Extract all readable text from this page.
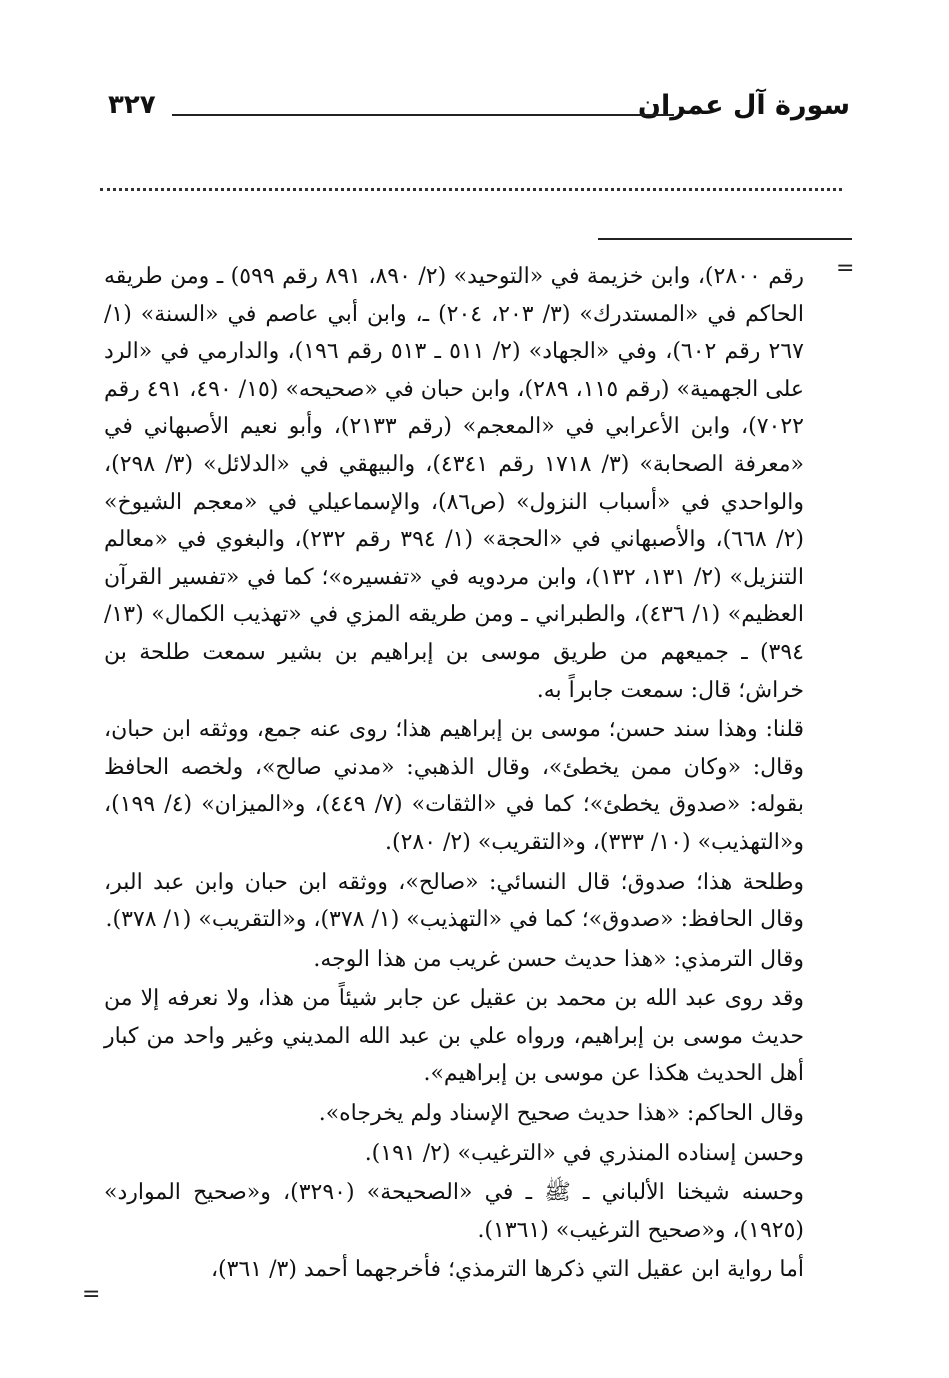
سورة آل عمران
٣٢٧
=

رقم ٢٨٠٠)، وابن خزيمة في «التوحيد» (٢/ ٨٩٠، ٨٩١ رقم ٥٩٩) ـ ومن طريقه الحاكم في «المستدرك» (٣/ ٢٠٣، ٢٠٤) ـ، وابن أبي عاصم في «السنة» (١/ ٢٦٧ رقم ٦٠٢)، وفي «الجهاد» (٢/ ٥١١ ـ ٥١٣ رقم ١٩٦)، والدارمي في «الرد على الجهمية» (رقم ١١٥، ٢٨٩)، وابن حبان في «صحيحه» (١٥/ ٤٩٠، ٤٩١ رقم ٧٠٢٢)، وابن الأعرابي في «المعجم» (رقم ٢١٣٣)، وأبو نعيم الأصبهاني في «معرفة الصحابة» (٣/ ١٧١٨ رقم ٤٣٤١)، والبيهقي في «الدلائل» (٣/ ٢٩٨)، والواحدي في «أسباب النزول» (ص٨٦)، والإسماعيلي في «معجم الشيوخ» (٢/ ٦٦٨)، والأصبهاني في «الحجة» (١/ ٣٩٤ رقم ٢٣٢)، والبغوي في «معالم التنزيل» (٢/ ١٣١، ١٣٢)، وابن مردويه في «تفسيره»؛ كما في «تفسير القرآن العظيم» (١/ ٤٣٦)، والطبراني ـ ومن طريقه المزي في «تهذيب الكمال» (١٣/ ٣٩٤) ـ جميعهم من طريق موسى بن إبراهيم بن بشير سمعت طلحة بن خراش؛ قال: سمعت جابراً به.

قلنا: وهذا سند حسن؛ موسى بن إبراهيم هذا؛ روى عنه جمع، ووثقه ابن حبان، وقال: «وكان ممن يخطئ»، وقال الذهبي: «مدني صالح»، ولخصه الحافظ بقوله: «صدوق يخطئ»؛ كما في «الثقات» (٧/ ٤٤٩)، و«الميزان» (٤/ ١٩٩)، و«التهذيب» (١٠/ ٣٣٣)، و«التقريب» (٢/ ٢٨٠).

وطلحة هذا؛ صدوق؛ قال النسائي: «صالح»، ووثقه ابن حبان وابن عبد البر، وقال الحافظ: «صدوق»؛ كما في «التهذيب» (١/ ٣٧٨)، و«التقريب» (١/ ٣٧٨).

وقال الترمذي: «هذا حديث حسن غريب من هذا الوجه.

وقد روى عبد الله بن محمد بن عقيل عن جابر شيئاً من هذا، ولا نعرفه إلا من حديث موسى بن إبراهيم، ورواه علي بن عبد الله المديني وغير واحد من كبار أهل الحديث هكذا عن موسى بن إبراهيم».

وقال الحاكم: «هذا حديث صحيح الإسناد ولم يخرجاه».

وحسن إسناده المنذري في «الترغيب» (٢/ ١٩١).

وحسنه شيخنا الألباني ـ ﷺ ـ في «الصحيحة» (٣٢٩٠)، و«صحيح الموارد» (١٩٢٥)، و«صحيح الترغيب» (١٣٦١).

أما رواية ابن عقيل التي ذكرها الترمذي؛ فأخرجهما أحمد (٣/ ٣٦١)،

=
